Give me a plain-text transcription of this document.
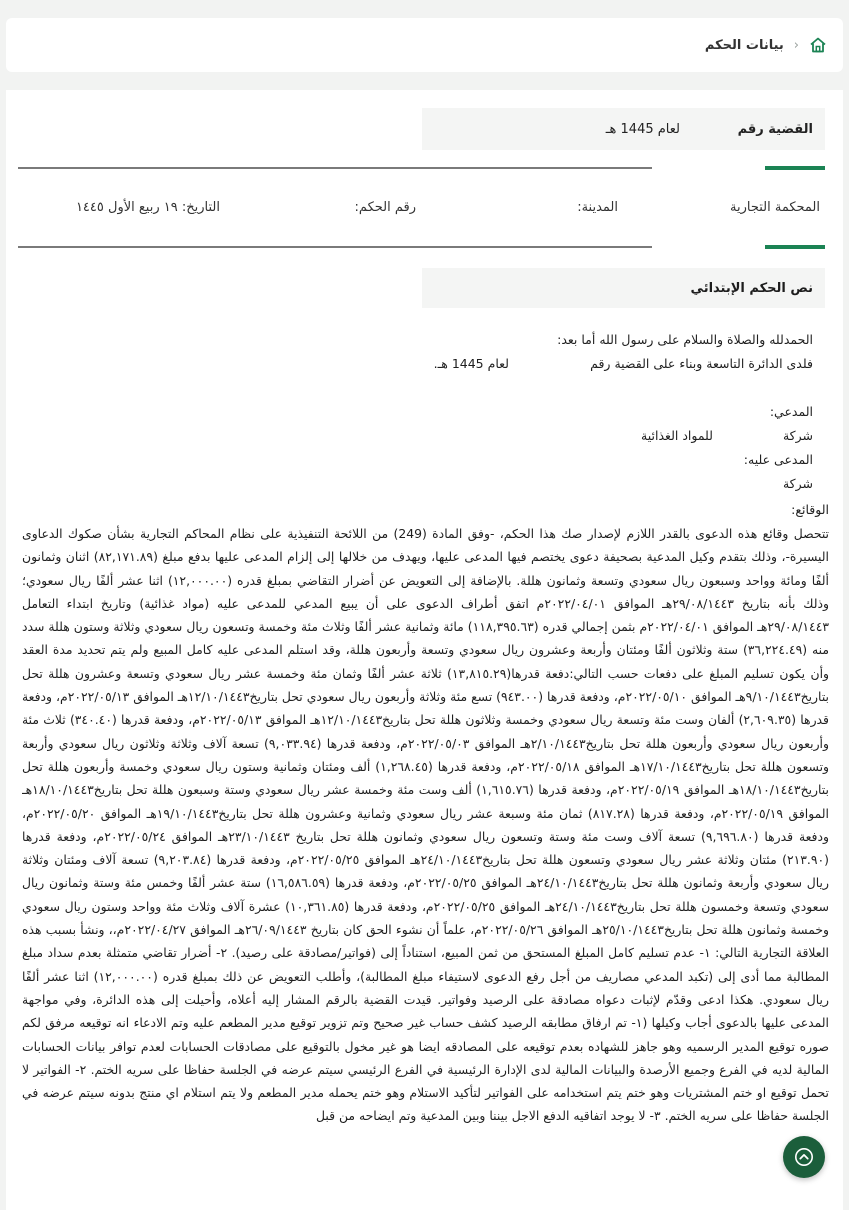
‹
بيانات الحكم
القضية رقم
لعام 1445 هـ
المحكمة التجارية
المدينة:
رقم الحكم:
التاريخ: ١٩ ربيع الأول ١٤٤٥
نص الحكم الإبتدائي
الحمدلله والصلاة والسلام على رسول الله أما بعد:
فلدى الدائرة التاسعة وبناء على القضية رقم
لعام 1445 هـ.
المدعي:
شركة
للمواد الغذائية
المدعى عليه:
شركة
الوقائع:
تتحصل وقائع هذه الدعوى بالقدر اللازم لإصدار صك هذا الحكم، -وفق المادة (249) من اللائحة التنفيذية على نظام المحاكم التجارية بشأن صكوك الدعاوى اليسيرة-، وذلك بتقدم وكيل المدعية بصحيفة دعوى يختصم فيها المدعى عليها، ويهدف من خلالها إلى إلزام المدعى عليها بدفع مبلغ (٨٢,١٧١.٨٩) اثنان وثمانون ألفًا ومائة وواحد وسبعون ريال سعودي وتسعة وثمانون هللة. بالإضافة إلى التعويض عن أضرار التقاضي بمبلغ قدره (١٢,٠٠٠.٠٠) اثنا عشر ألفًا ريال سعودي؛ وذلك بأنه بتاريخ ٢٩/٠٨/١٤٤٣هـ الموافق ٢٠٢٢/٠٤/٠١م اتفق أطراف الدعوى على أن يبيع المدعي للمدعى عليه (مواد غذائية) وتاريخ ابتداء التعامل ٢٩/٠٨/١٤٤٣هـ الموافق ٢٠٢٢/٠٤/٠١م بثمن إجمالي قدره (١١٨,٣٩٥.٦٣) مائة وثمانية عشر ألفًا وثلاث مئة وخمسة وتسعون ريال سعودي وثلاثة وستون هللة سدد منه (٣٦,٢٢٤.٤٩) ستة وثلاثون ألفًا ومئتان وأربعة وعشرون ريال سعودي وتسعة وأربعون هللة، وقد استلم المدعى عليه كامل المبيع ولم يتم تحديد مدة العقد وأن يكون تسليم المبلغ على دفعات حسب التالي:دفعة قدرها(١٣,٨١٥.٢٩) ثلاثة عشر ألفًا وثمان مئة وخمسة عشر ريال سعودي وتسعة وعشرون هللة تحل بتاريخ٩/١٠/١٤٤٣هـ الموافق ٢٠٢٢/٠٥/١٠م، ودفعة قدرها (٩٤٣.٠٠) تسع مئة وثلاثة وأربعون ريال سعودي تحل بتاريخ١٢/١٠/١٤٤٣هـ الموافق ٢٠٢٢/٠٥/١٣م، ودفعة قدرها (٢,٦٠٩.٣٥) ألفان وست مئة وتسعة ريال سعودي وخمسة وثلاثون هللة تحل بتاريخ١٢/١٠/١٤٤٣هـ الموافق ٢٠٢٢/٠٥/١٣م، ودفعة قدرها (٣٤٠.٤٠) ثلاث مئة وأربعون ريال سعودي وأربعون هللة تحل بتاريخ٢/١٠/١٤٤٣هـ الموافق ٢٠٢٢/٠٥/٠٣م، ودفعة قدرها (٩,٠٣٣.٩٤) تسعة آلاف وثلاثة وثلاثون ريال سعودي وأربعة وتسعون هللة تحل بتاريخ١٧/١٠/١٤٤٣هـ الموافق ٢٠٢٢/٠٥/١٨م، ودفعة قدرها (١,٢٦٨.٤٥) ألف ومئتان وثمانية وستون ريال سعودي وخمسة وأربعون هللة تحل بتاريخ١٨/١٠/١٤٤٣هـ الموافق ٢٠٢٢/٠٥/١٩م، ودفعة قدرها (١,٦١٥.٧٦) ألف وست مئة وخمسة عشر ريال سعودي وستة وسبعون هللة تحل بتاريخ١٨/١٠/١٤٤٣هـ الموافق ٢٠٢٢/٠٥/١٩م، ودفعة قدرها (٨١٧.٢٨) ثمان مئة وسبعة عشر ريال سعودي وثمانية وعشرون هللة تحل بتاريخ١٩/١٠/١٤٤٣هـ الموافق ٢٠٢٢/٠٥/٢٠م، ودفعة قدرها (٩,٦٩٦.٨٠) تسعة آلاف وست مئة وستة وتسعون ريال سعودي وثمانون هللة تحل بتاريخ ٢٣/١٠/١٤٤٣هـ الموافق ٢٠٢٢/٠٥/٢٤م، ودفعة قدرها (٢١٣.٩٠) مئتان وثلاثة عشر ريال سعودي وتسعون هللة تحل بتاريخ٢٤/١٠/١٤٤٣هـ الموافق ٢٠٢٢/٠٥/٢٥م، ودفعة قدرها (٩,٢٠٣.٨٤) تسعة آلاف ومئتان وثلاثة ريال سعودي وأربعة وثمانون هللة تحل بتاريخ٢٤/١٠/١٤٤٣هـ الموافق ٢٠٢٢/٠٥/٢٥م، ودفعة قدرها (١٦,٥٨٦.٥٩) ستة عشر ألفًا وخمس مئة وستة وثمانون ريال سعودي وتسعة وخمسون هللة تحل بتاريخ٢٤/١٠/١٤٤٣هـ الموافق ٢٠٢٢/٠٥/٢٥م، ودفعة قدرها (١٠,٣٦١.٨٥) عشرة آلاف وثلاث مئة وواحد وستون ريال سعودي وخمسة وثمانون هللة تحل بتاريخ٢٥/١٠/١٤٤٣هـ الموافق ٢٠٢٢/٠٥/٢٦م، علماً أن نشوء الحق كان بتاريخ ٢٦/٠٩/١٤٤٣هـ الموافق ٢٠٢٢/٠٤/٢٧م،، ونشأ بسبب هذه العلاقة التجارية التالي: ١- عدم تسليم كامل المبلغ المستحق من ثمن المبيع، استناداً إلى (فواتير/مصادقة على رصيد). ٢- أضرار تقاضي متمثلة بعدم سداد مبلغ المطالبة مما أدى إلى (تكبد المدعي مصاريف من أجل رفع الدعوى لاستيفاء مبلغ المطالبة)، وأطلب التعويض عن ذلك بمبلغ قدره (١٢,٠٠٠.٠٠) اثنا عشر ألفًا ريال سعودي. هكذا ادعى وقدّم لإثبات دعواه مصادقة على الرصيد وفواتير. قيدت القضية بالرقم المشار إليه أعلاه، وأحيلت إلى هذه الدائرة، وفي مواجهة المدعى عليها بالدعوى أجاب وكيلها (١- تم ارفاق مطابقه الرصيد كشف حساب غير صحيح وتم تزوير توقيع مدير المطعم عليه وتم الادعاء انه توقيعه مرفق لكم صوره توقيع المدير الرسميه وهو جاهز للشهاده بعدم توقيعه على المصادقه ايضا هو غير مخول بالتوقيع على مصادقات الحسابات لعدم توافر بيانات الحسابات المالية لديه في الفرع وجميع الأرصدة والبيانات المالية لدى الإدارة الرئيسية في الفرع الرئيسي سيتم عرضه في الجلسة حفاظا على سريه الختم. ٢- الفواتير لا تحمل توقيع او ختم المشتريات وهو ختم يتم استخدامه على الفواتير لتأكيد الاستلام وهو ختم يحمله مدير المطعم ولا يتم استلام اي منتج بدونه سيتم عرضه في الجلسة حفاظا على سريه الختم. ٣- لا يوجد اتفاقيه الدفع الاجل بيننا وبين المدعية وتم ايضاحه من قبل
